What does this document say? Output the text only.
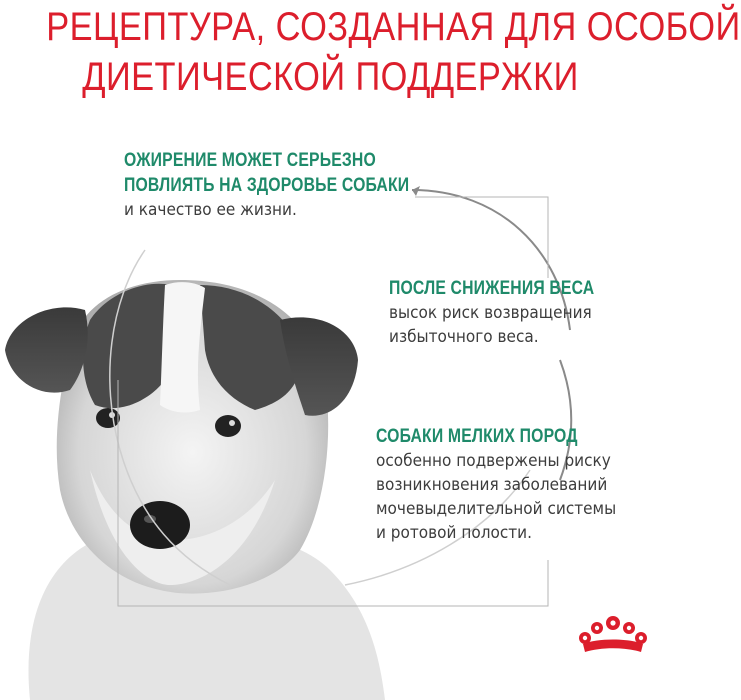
РЕЦЕПТУРА, СОЗДАННАЯ ДЛЯ ОСОБОЙ
ДИЕТИЧЕСКОЙ ПОДДЕРЖКИ
ОЖИРЕНИЕ МОЖЕТ СЕРЬЕЗНО
ПОВЛИЯТЬ НА ЗДОРОВЬЕ СОБАКИ
и качество ее жизни.
ПОСЛЕ СНИЖЕНИЯ ВЕСА
высок риск возвращения
избыточного веса.
СОБАКИ МЕЛКИХ ПОРОД
особенно подвержены риску
возникновения заболеваний
мочевыделительной системы
и ротовой полости.
